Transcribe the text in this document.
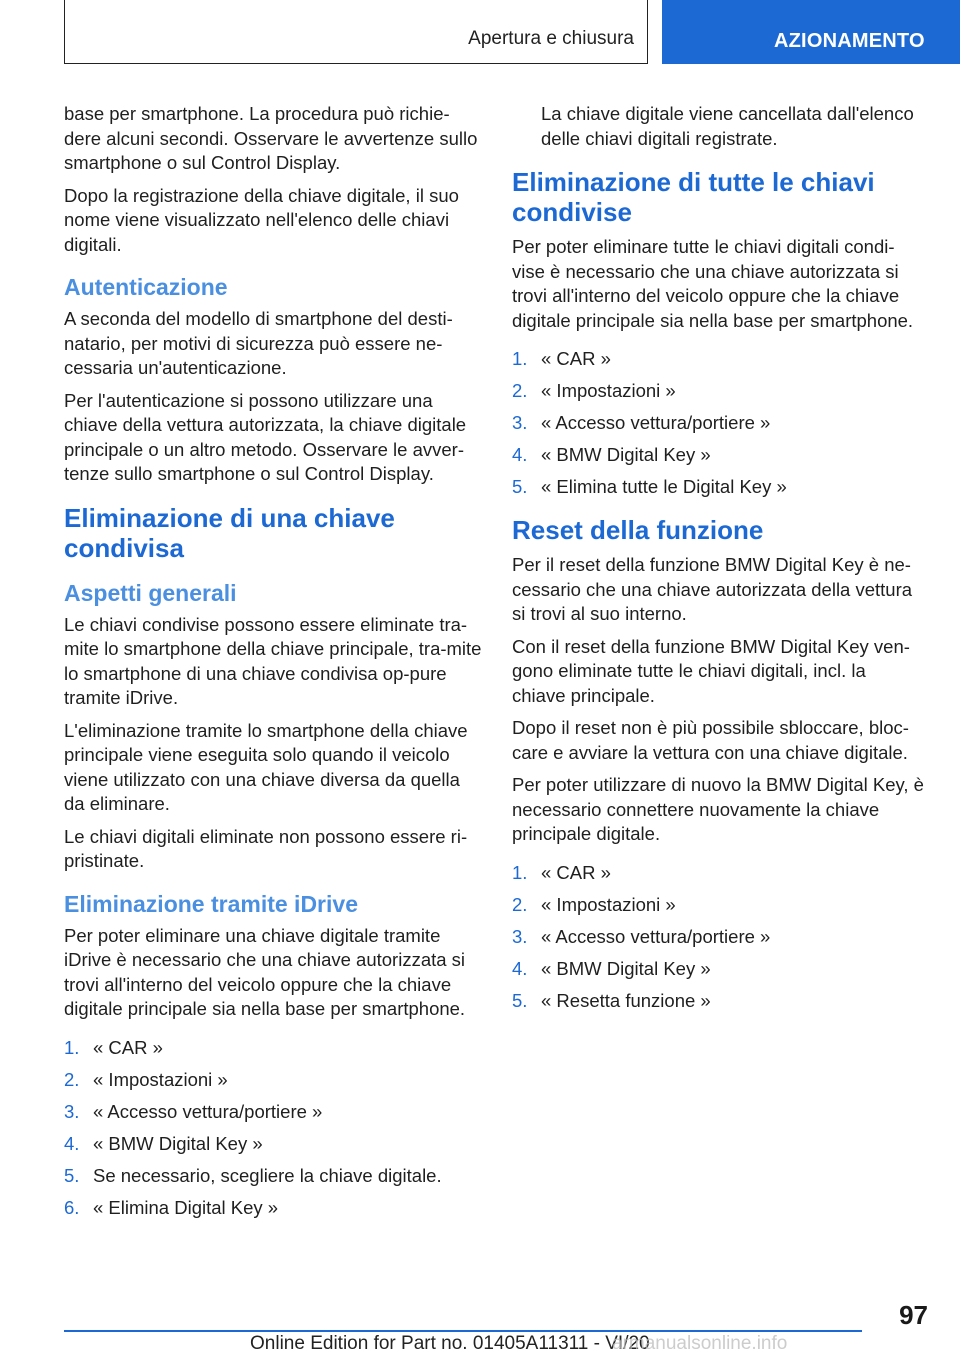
Apertura e chiusura	AZIONAMENTO

base per smartphone. La procedura può richie-dere alcuni secondi. Osservare le avvertenze sullo smartphone o sul Control Display.

Dopo la registrazione della chiave digitale, il suo nome viene visualizzato nell'elenco delle chiavi digitali.

Autenticazione

A seconda del modello di smartphone del desti-natario, per motivi di sicurezza può essere ne-cessaria un'autenticazione.

Per l'autenticazione si possono utilizzare una chiave della vettura autorizzata, la chiave digitale principale o un altro metodo. Osservare le avver-tenze sullo smartphone o sul Control Display.

Eliminazione di una chiave condivisa
Aspetti generali

Le chiavi condivise possono essere eliminate tra-mite lo smartphone della chiave principale, tra-mite lo smartphone di una chiave condivisa op-pure tramite iDrive.

L'eliminazione tramite lo smartphone della chiave principale viene eseguita solo quando il veicolo viene utilizzato con una chiave diversa da quella da eliminare.

Le chiavi digitali eliminate non possono essere ri-pristinate.

Eliminazione tramite iDrive

Per poter eliminare una chiave digitale tramite iDrive è necessario che una chiave autorizzata si trovi all'interno del veicolo oppure che la chiave digitale principale sia nella base per smartphone.

1. « CAR »
2. « Impostazioni »
3. « Accesso vettura/portiere »
4. « BMW Digital Key »
5. Se necessario, scegliere la chiave digitale.
6. « Elimina Digital Key »

La chiave digitale viene cancellata dall'elenco delle chiavi digitali registrate.

Eliminazione di tutte le chiavi condivise

Per poter eliminare tutte le chiavi digitali condi-vise è necessario che una chiave autorizzata si trovi all'interno del veicolo oppure che la chiave digitale principale sia nella base per smartphone.

1. « CAR »
2. « Impostazioni »
3. « Accesso vettura/portiere »
4. « BMW Digital Key »
5. « Elimina tutte le Digital Key »
Reset della funzione

Per il reset della funzione BMW Digital Key è ne-cessario che una chiave autorizzata della vettura si trovi al suo interno.

Con il reset della funzione BMW Digital Key ven-gono eliminate tutte le chiavi digitali, incl. la chiave principale.

Dopo il reset non è più possibile sbloccare, bloc-care e avviare la vettura con una chiave digitale.

Per poter utilizzare di nuovo la BMW Digital Key, è necessario connettere nuovamente la chiave principale digitale.

1. « CAR »
2. « Impostazioni »
3. « Accesso vettura/portiere »
4. « BMW Digital Key »
5. « Resetta funzione »
97
Online Edition for Part no. 01405A11311 - VI/20
armanualsonline.info
